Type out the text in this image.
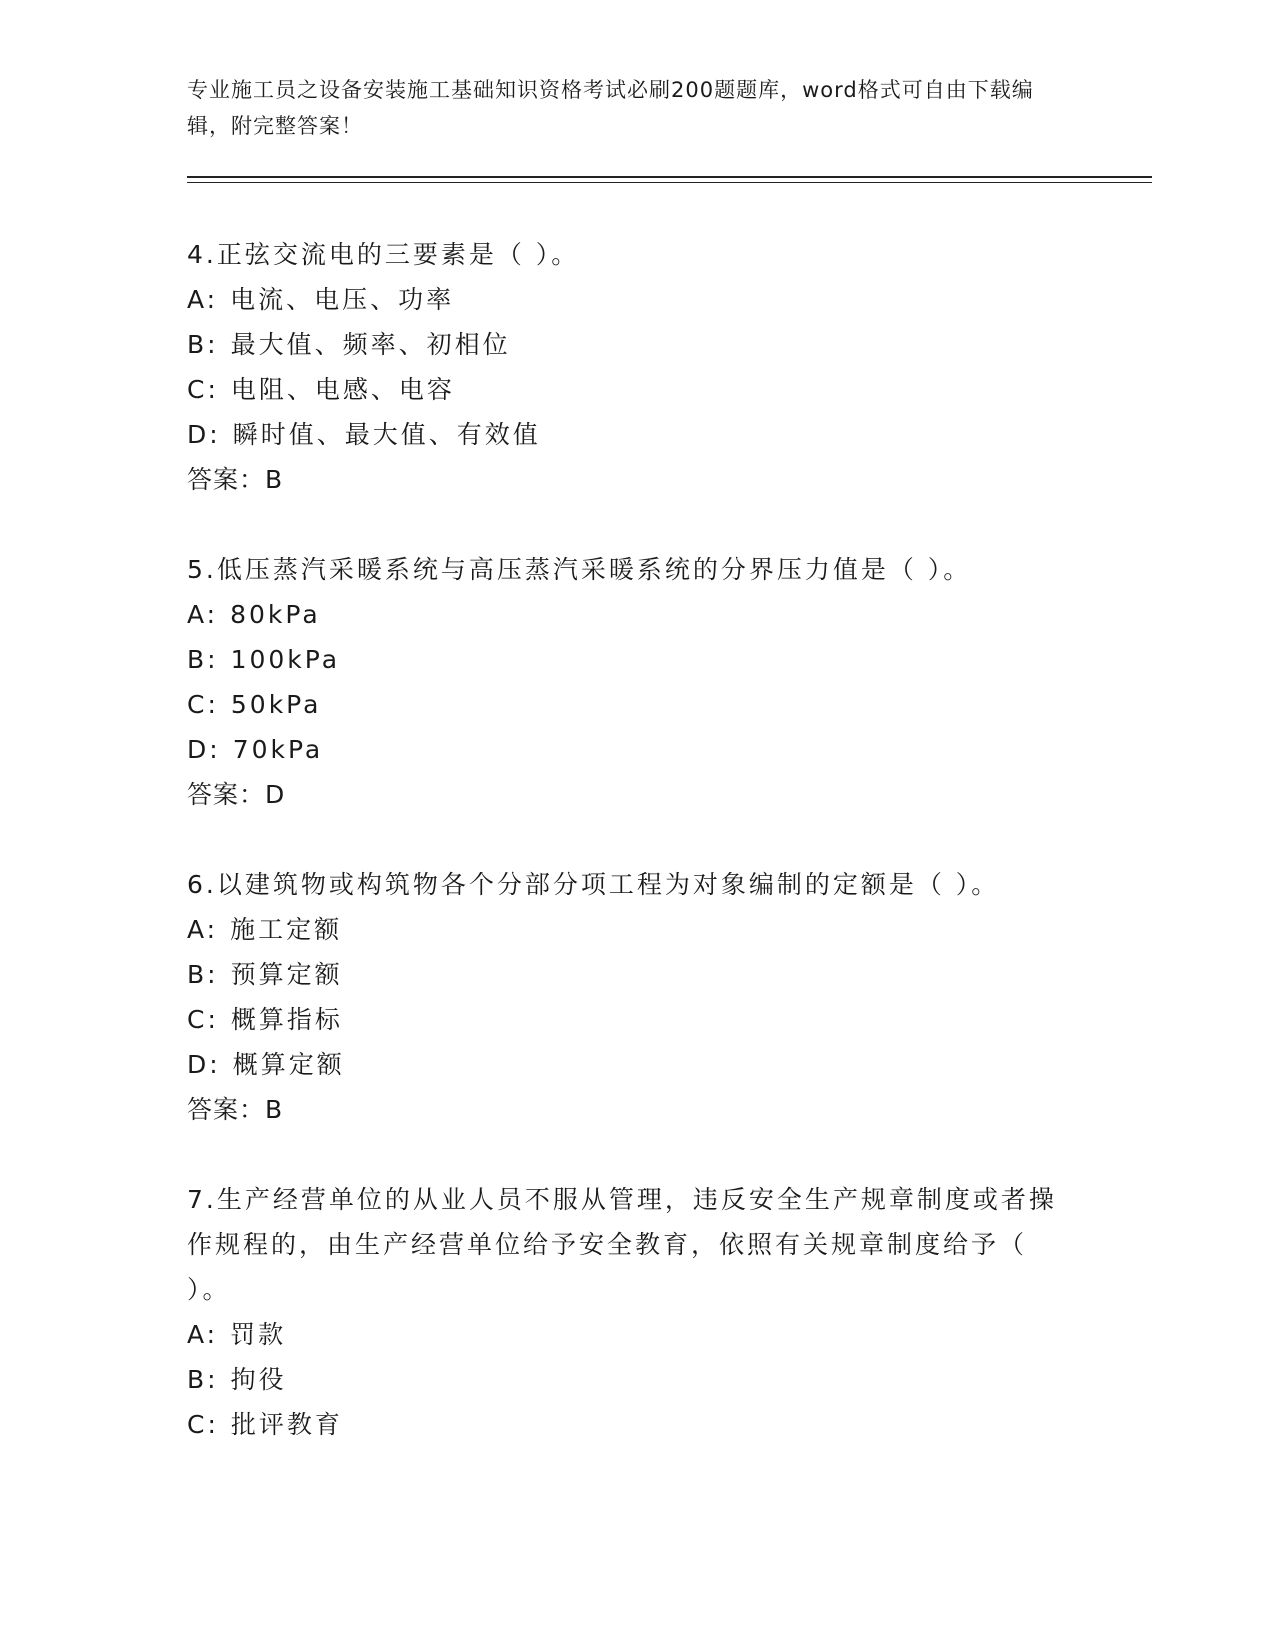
专业施工员之设备安装施工基础知识资格考试必刷200题题库，word格式可自由下载编辑，附完整答案！
4.正弦交流电的三要素是（ ）。
A: 电流、电压、功率
B: 最大值、频率、初相位
C: 电阻、电感、电容
D: 瞬时值、最大值、有效值
答案：B
5.低压蒸汽采暖系统与高压蒸汽采暖系统的分界压力值是（ ）。
A: 80kPa
B: 100kPa
C: 50kPa
D: 70kPa
答案：D
6.以建筑物或构筑物各个分部分项工程为对象编制的定额是（ ）。
A: 施工定额
B: 预算定额
C: 概算指标
D: 概算定额
答案：B
7.生产经营单位的从业人员不服从管理，违反安全生产规章制度或者操作规程的，由生产经营单位给予安全教育，依照有关规章制度给予（ ）。
A: 罚款
B: 拘役
C: 批评教育
